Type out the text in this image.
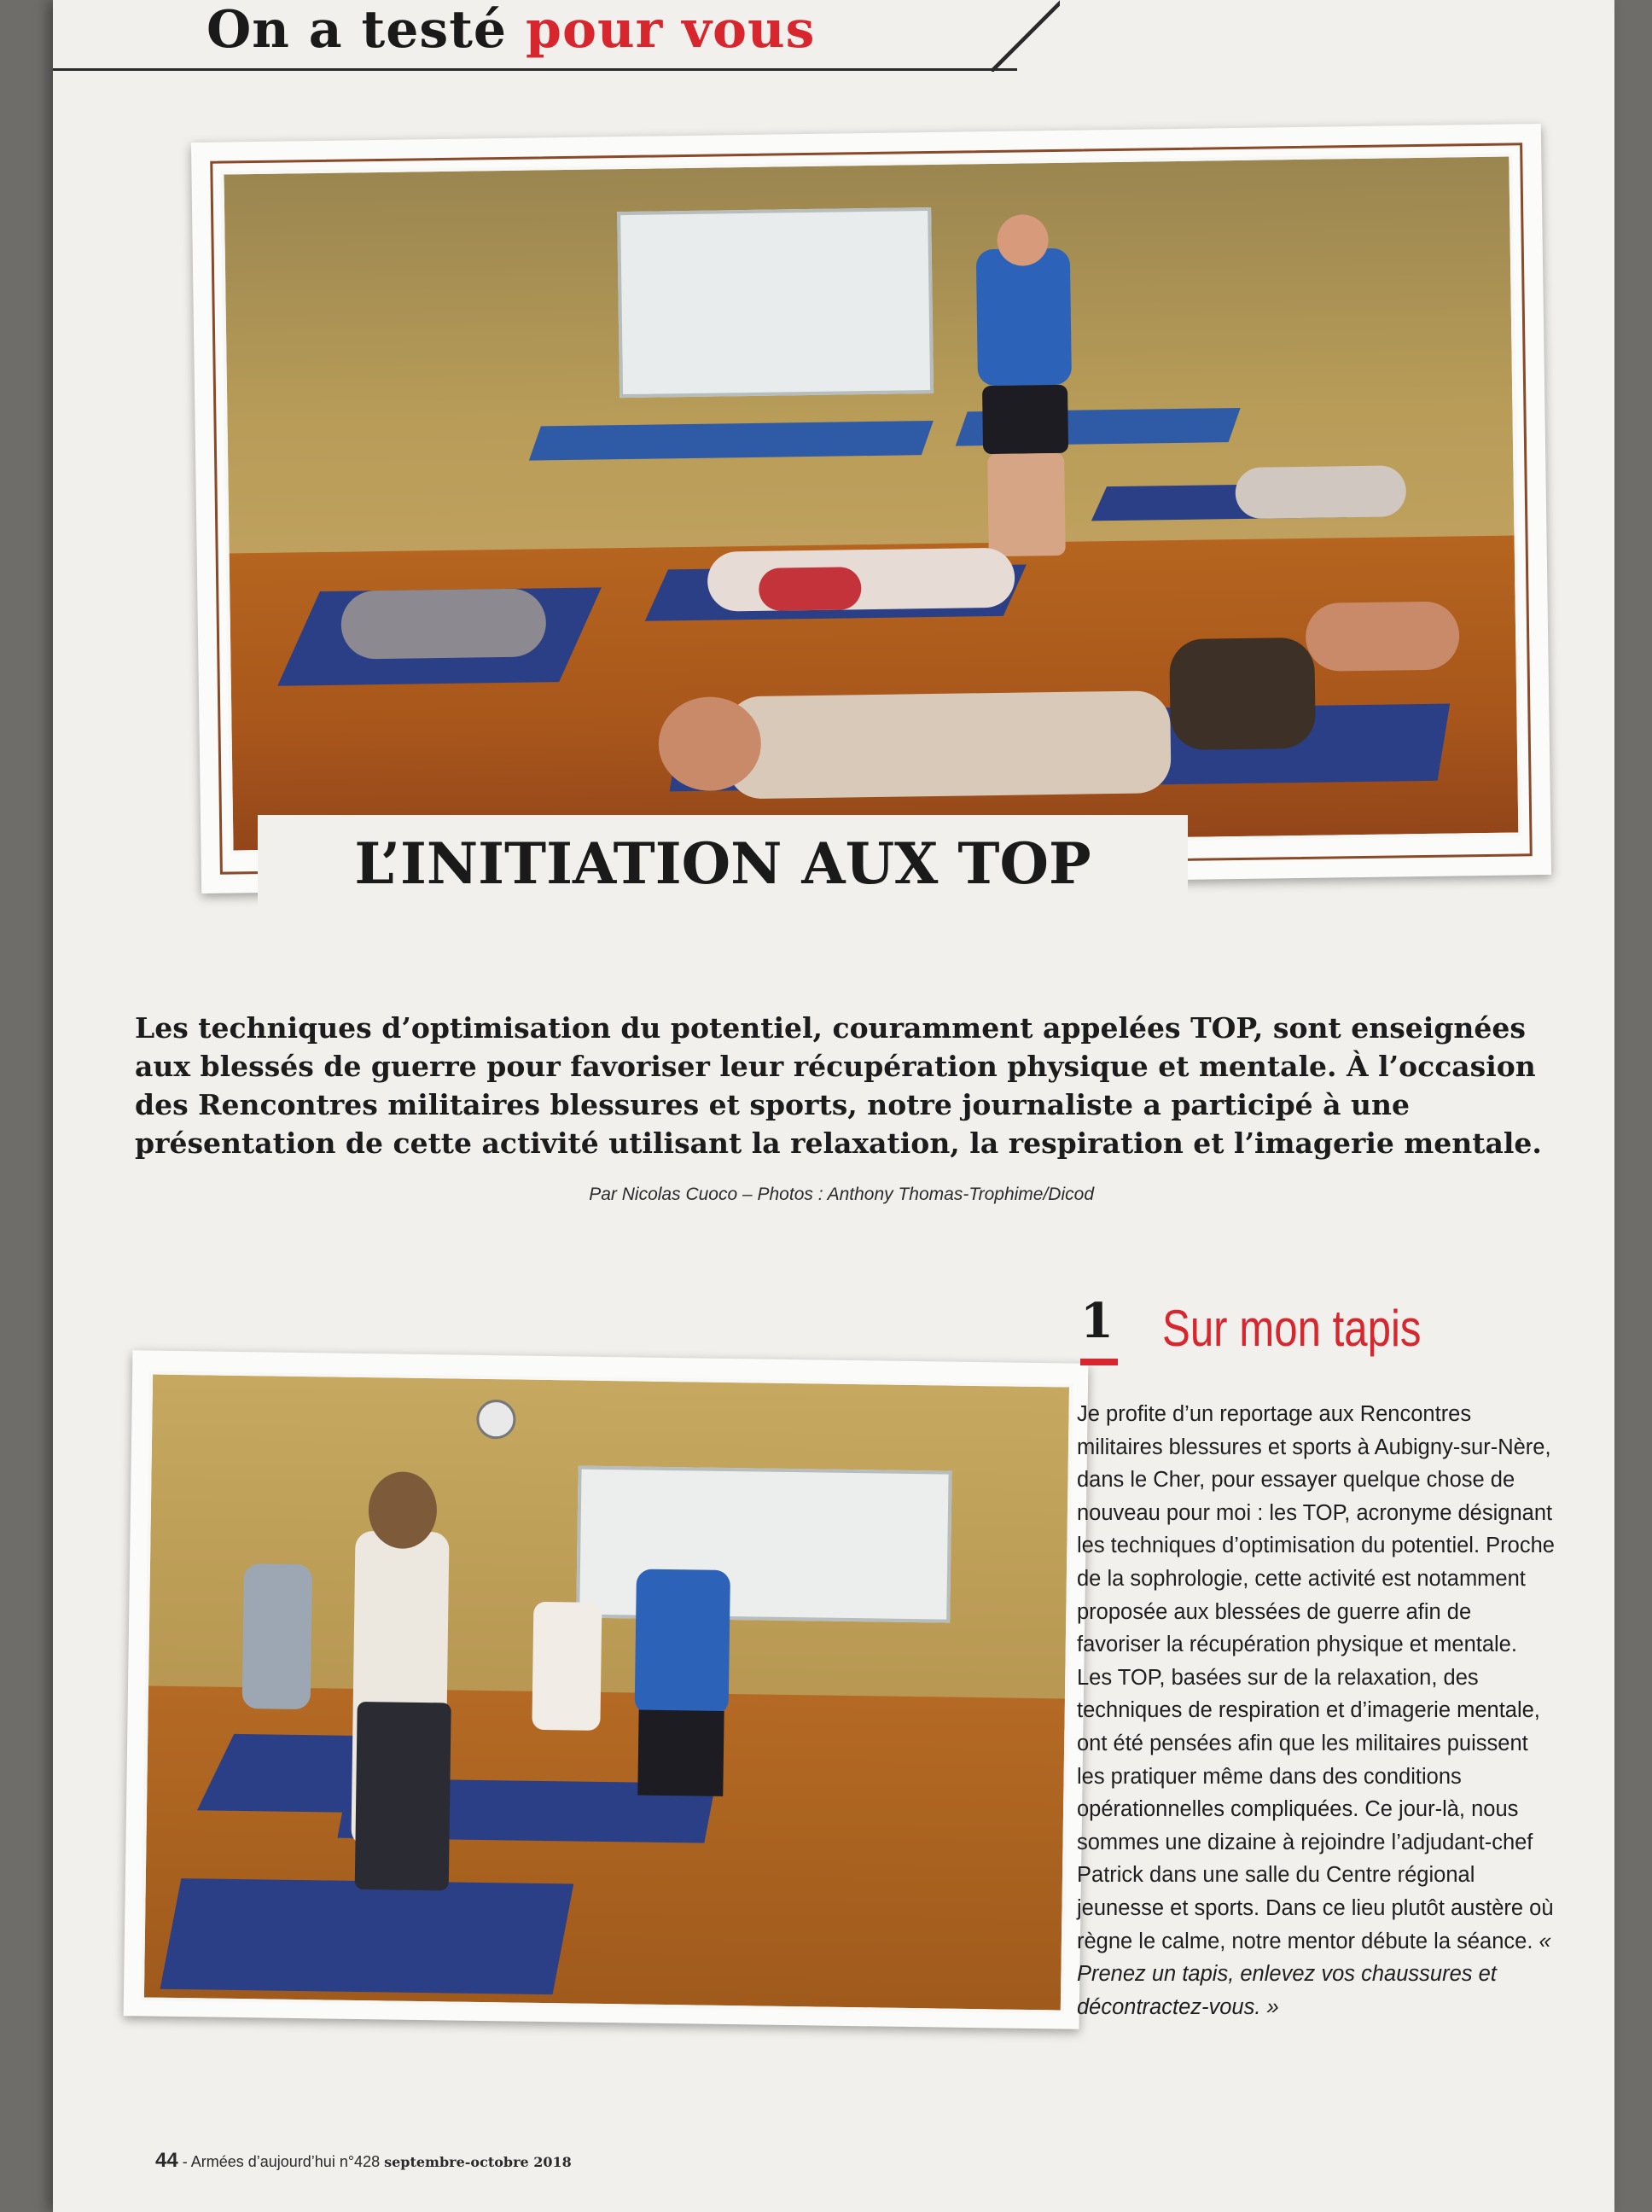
On a testé pour vous

L’INITIATION AUX TOP
Les techniques d’optimisation du potentiel, couramment appelées TOP, sont enseignées aux blessés de guerre pour favoriser leur récupération physique et mentale. À l’occasion des Rencontres militaires blessures et sports, notre journaliste a participé à une présentation de cette activité utilisant la relaxation, la respiration et l’imagerie mentale.
Par Nicolas Cuoco – Photos : Anthony Thomas-Trophime/Dicod
1 Sur mon tapis

Je profite d’un reportage aux Rencontres militaires blessures et sports à Aubigny-sur-Nère, dans le Cher, pour essayer quelque chose de nouveau pour moi : les TOP, acronyme désignant les techniques d’optimisation du potentiel. Proche de la sophrologie, cette activité est notamment proposée aux blessées de guerre afin de favoriser la récupération physique et mentale. Les TOP, basées sur de la relaxation, des techniques de respiration et d’imagerie mentale, ont été pensées afin que les militaires puissent les pratiquer même dans des conditions opérationnelles compliquées. Ce jour-là, nous sommes une dizaine à rejoindre l’adjudant-chef Patrick dans une salle du Centre régional jeunesse et sports. Dans ce lieu plutôt austère où règne le calme, notre mentor débute la séance. « Prenez un tapis, enlevez vos chaussures et décontractez-vous. »

44 - Armées d’aujourd’hui n°428 septembre-octobre 2018
